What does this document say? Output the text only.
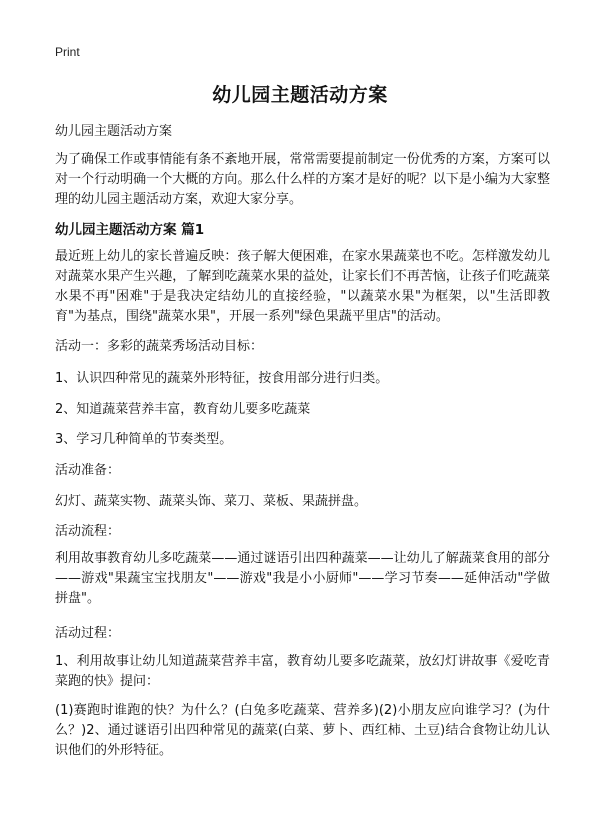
Print
幼儿园主题活动方案
幼儿园主题活动方案
为了确保工作或事情能有条不紊地开展，常常需要提前制定一份优秀的方案，方案可以对一个行动明确一个大概的方向。那么什么样的方案才是好的呢？以下是小编为大家整理的幼儿园主题活动方案，欢迎大家分享。
幼儿园主题活动方案 篇1
最近班上幼儿的家长普遍反映：孩子解大便困难，在家水果蔬菜也不吃。怎样激发幼儿对蔬菜水果产生兴趣，了解到吃蔬菜水果的益处，让家长们不再苦恼，让孩子们吃蔬菜水果不再"困难"于是我决定结幼儿的直接经验，"以蔬菜水果"为框架，以"生活即教育"为基点，围绕"蔬菜水果"，开展一系列"绿色果蔬平里店"的活动。
活动一：多彩的蔬菜秀场活动目标：
1、认识四种常见的蔬菜外形特征，按食用部分进行归类。
2、知道蔬菜营养丰富，教育幼儿要多吃蔬菜
3、学习几种简单的节奏类型。
活动准备：
幻灯、蔬菜实物、蔬菜头饰、菜刀、菜板、果蔬拼盘。
活动流程：
利用故事教育幼儿多吃蔬菜——通过谜语引出四种蔬菜——让幼儿了解蔬菜食用的部分——游戏"果蔬宝宝找朋友"——游戏"我是小小厨师"——学习节奏——延伸活动"学做拼盘"。
活动过程：
1、利用故事让幼儿知道蔬菜营养丰富，教育幼儿要多吃蔬菜，放幻灯讲故事《爱吃青菜跑的快》提问：
(1)赛跑时谁跑的快？为什么？(白兔多吃蔬菜、营养多)(2)小朋友应向谁学习？(为什么？)2、通过谜语引出四种常见的蔬菜(白菜、萝卜、西红柿、土豆)结合食物让幼儿认识他们的外形特征。
